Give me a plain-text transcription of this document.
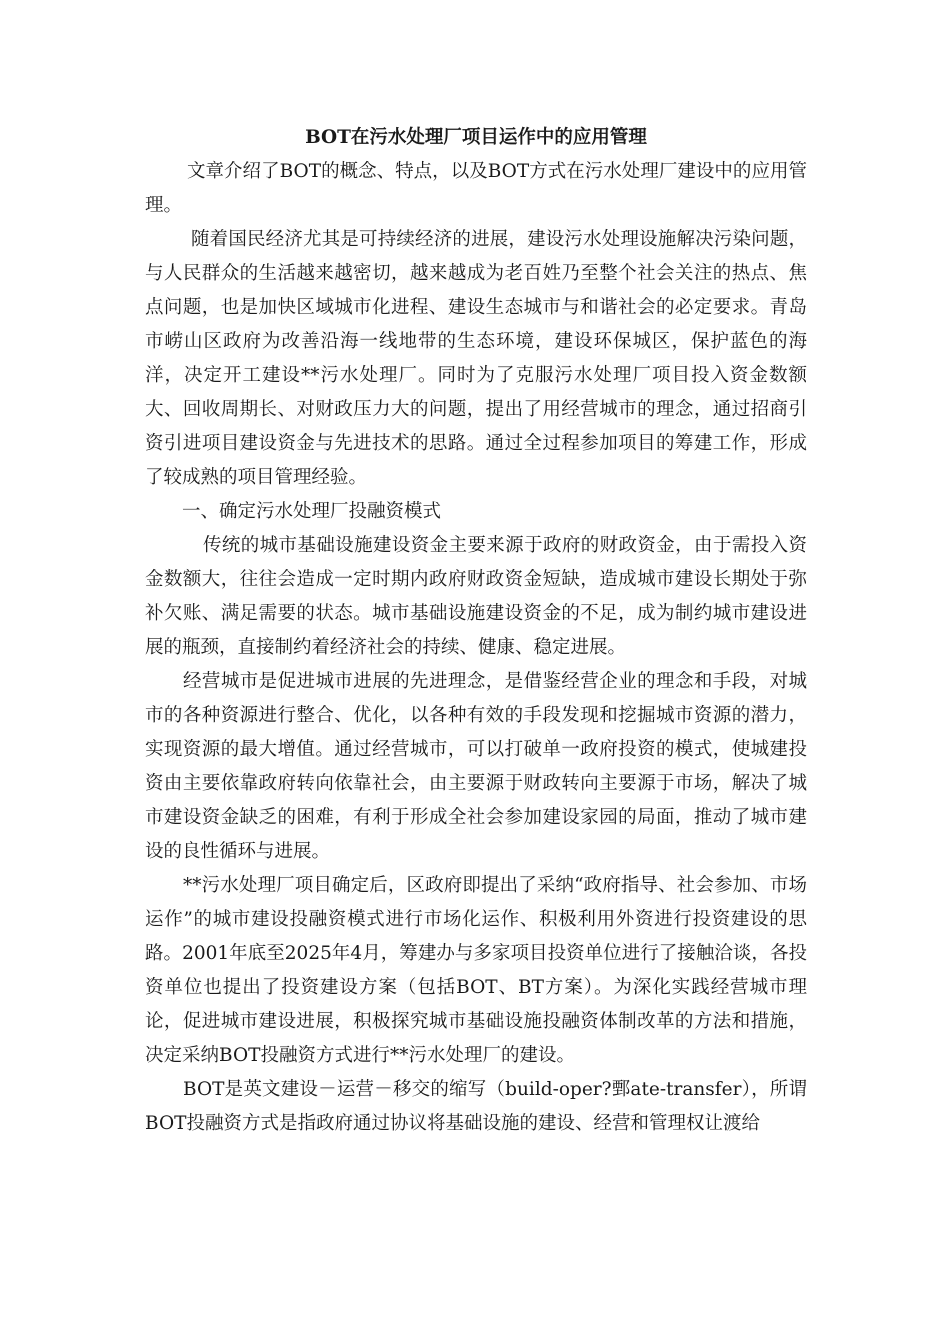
BOT在污水处理厂项目运作中的应用管理

文章介绍了BOT的概念、特点，以及BOT方式在污水处理厂建设中的应用管理。

随着国民经济尤其是可持续经济的进展，建设污水处理设施解决污染问题，与人民群众的生活越来越密切，越来越成为老百姓乃至整个社会关注的热点、焦点问题，也是加快区域城市化进程、建设生态城市与和谐社会的必定要求。青岛市崂山区政府为改善沿海一线地带的生态环境，建设环保城区，保护蓝色的海洋，决定开工建设**污水处理厂。同时为了克服污水处理厂项目投入资金数额大、回收周期长、对财政压力大的问题，提出了用经营城市的理念，通过招商引资引进项目建设资金与先进技术的思路。通过全过程参加项目的筹建工作，形成了较成熟的项目管理经验。

一、确定污水处理厂投融资模式

传统的城市基础设施建设资金主要来源于政府的财政资金，由于需投入资金数额大，往往会造成一定时期内政府财政资金短缺，造成城市建设长期处于弥补欠账、满足需要的状态。城市基础设施建设资金的不足，成为制约城市建设进展的瓶颈，直接制约着经济社会的持续、健康、稳定进展。

经营城市是促进城市进展的先进理念，是借鉴经营企业的理念和手段，对城市的各种资源进行整合、优化，以各种有效的手段发现和挖掘城市资源的潜力，实现资源的最大增值。通过经营城市，可以打破单一政府投资的模式，使城建投资由主要依靠政府转向依靠社会，由主要源于财政转向主要源于市场，解决了城市建设资金缺乏的困难，有利于形成全社会参加建设家园的局面，推动了城市建设的良性循环与进展。

**污水处理厂项目确定后，区政府即提出了采纳“政府指导、社会参加、市场运作”的城市建设投融资模式进行市场化运作、积极利用外资进行投资建设的思路。2001年底至2025年4月，筹建办与多家项目投资单位进行了接触洽谈，各投资单位也提出了投资建设方案（包括BOT、BT方案）。为深化实践经营城市理论，促进城市建设进展，积极探究城市基础设施投融资体制改革的方法和措施，决定采纳BOT投融资方式进行**污水处理厂的建设。

BOT是英文建设－运营－移交的缩写（build-oper?鄄ate-transfer），所谓BOT投融资方式是指政府通过协议将基础设施的建设、经营和管理权让渡给
